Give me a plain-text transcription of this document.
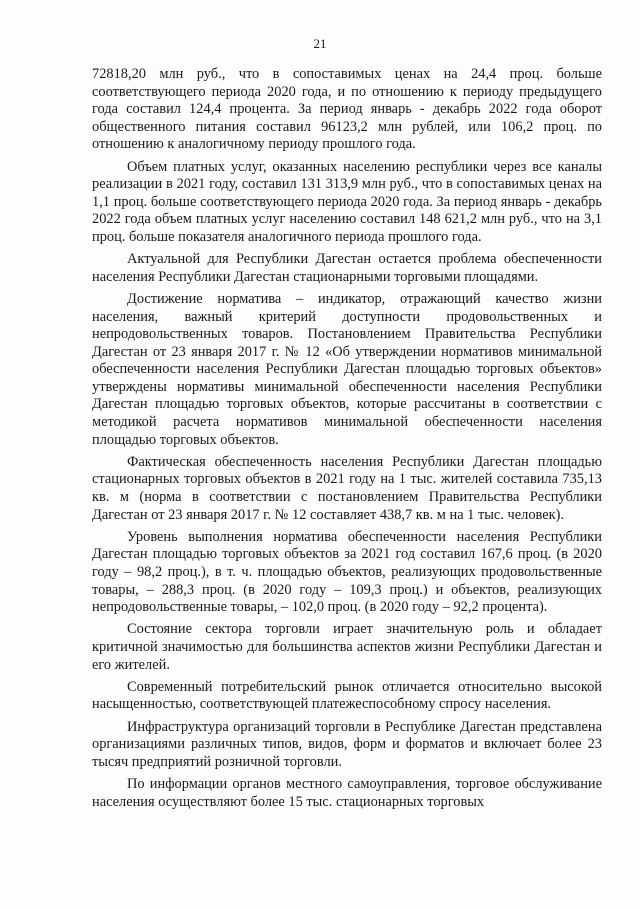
21

72818,20 млн руб., что в сопоставимых ценах на 24,4 проц. больше соответствующего периода 2020 года, и по отношению к периоду предыдущего года составил 124,4 процента. За период январь - декабрь 2022 года оборот общественного питания составил 96123,2 млн рублей, или 106,2 проц. по отношению к аналогичному периоду прошлого года.

Объем платных услуг, оказанных населению республики через все каналы реализации в 2021 году, составил 131 313,9 млн руб., что в сопоставимых ценах на 1,1 проц. больше соответствующего периода 2020 года. За период январь - декабрь 2022 года объем платных услуг населению составил 148 621,2 млн руб., что на 3,1 проц. больше показателя аналогичного периода прошлого года.

Актуальной для Республики Дагестан остается проблема обеспеченности населения Республики Дагестан стационарными торговыми площадями.

Достижение норматива – индикатор, отражающий качество жизни населения, важный критерий доступности продовольственных и непродовольственных товаров. Постановлением Правительства Республики Дагестан от 23 января 2017 г. № 12 «Об утверждении нормативов минимальной обеспеченности населения Республики Дагестан площадью торговых объектов» утверждены нормативы минимальной обеспеченности населения Республики Дагестан площадью торговых объектов, которые рассчитаны в соответствии с методикой расчета нормативов минимальной обеспеченности населения площадью торговых объектов.

Фактическая обеспеченность населения Республики Дагестан площадью стационарных торговых объектов в 2021 году на 1 тыс. жителей составила 735,13 кв. м (норма в соответствии с постановлением Правительства Республики Дагестан от 23 января 2017 г. № 12 составляет 438,7 кв. м на 1 тыс. человек).

Уровень выполнения норматива обеспеченности населения Республики Дагестан площадью торговых объектов за 2021 год составил 167,6 проц. (в 2020 году – 98,2 проц.), в т. ч. площадью объектов, реализующих продовольственные товары, – 288,3 проц. (в 2020 году – 109,3 проц.) и объектов, реализующих непродовольственные товары, – 102,0 проц. (в 2020 году – 92,2 процента).

Состояние сектора торговли играет значительную роль и обладает критичной значимостью для большинства аспектов жизни Республики Дагестан и его жителей.

Современный потребительский рынок отличается относительно высокой насыщенностью, соответствующей платежеспособному спросу населения.

Инфраструктура организаций торговли в Республике Дагестан представлена организациями различных типов, видов, форм и форматов и включает более 23 тысяч предприятий розничной торговли.

По информации органов местного самоуправления, торговое обслуживание населения осуществляют более 15 тыс. стационарных торговых
